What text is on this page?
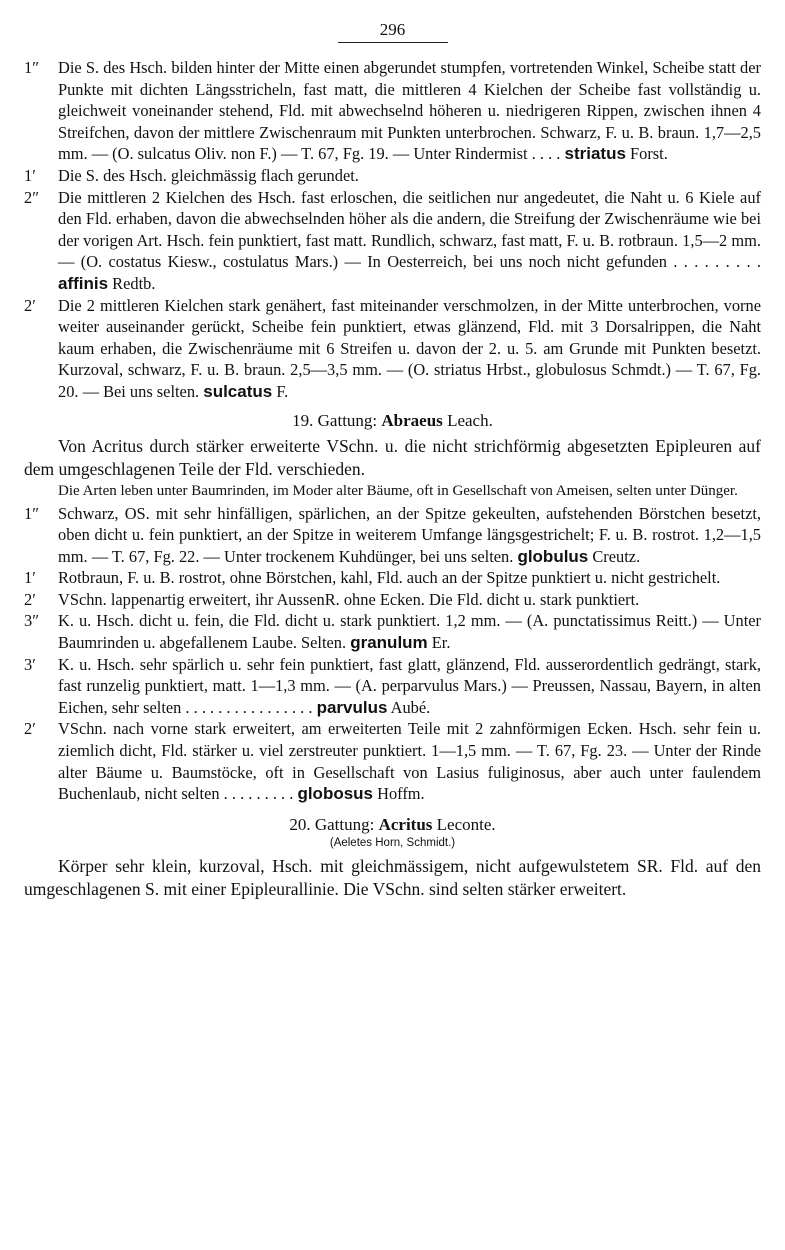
296
1″ Die S. des Hsch. bilden hinter der Mitte einen abgerundet stumpfen, vortretenden Winkel, Scheibe statt der Punkte mit dichten Längsstricheln, fast matt, die mittleren 4 Kielchen der Scheibe fast vollständig u. gleichweit voneinander stehend, Fld. mit abwechselnd höheren u. niedrigeren Rippen, zwischen ihnen 4 Streifchen, davon der mittlere Zwischenraum mit Punkten unterbrochen. Schwarz, F. u. B. braun. 1,7—2,5 mm. — (O. sulcatus Oliv. non F.) — T. 67, Fg. 19. — Unter Rindermist . . . . striatus Forst.
1′ Die S. des Hsch. gleichmässig flach gerundet.
2″ Die mittleren 2 Kielchen des Hsch. fast erloschen, die seitlichen nur angedeutet, die Naht u. 6 Kiele auf den Fld. erhaben, davon die abwechselnden höher als die andern, die Streifung der Zwischenräume wie bei der vorigen Art. Hsch. fein punktiert, fast matt. Rundlich, schwarz, fast matt, F. u. B. rotbraun. 1,5—2 mm. — (O. costatus Kiesw., costulatus Mars.) — In Oesterreich, bei uns noch nicht gefunden . . . . . . . . . affinis Redtb.
2′ Die 2 mittleren Kielchen stark genähert, fast miteinander verschmolzen, in der Mitte unterbrochen, vorne weiter auseinander gerückt, Scheibe fein punktiert, etwas glänzend, Fld. mit 3 Dorsalrippen, die Naht kaum erhaben, die Zwischenräume mit 6 Streifen u. davon der 2. u. 5. am Grunde mit Punkten besetzt. Kurzoval, schwarz, F. u. B. braun. 2,5—3,5 mm. — (O. striatus Hrbst., globulosus Schmdt.) — T. 67, Fg. 20. — Bei uns selten. sulcatus F.
19. Gattung: Abraeus Leach.
Von Acritus durch stärker erweiterte VSchn. u. die nicht strichförmig abgesetzten Epipleuren auf dem umgeschlagenen Teile der Fld. verschieden.
Die Arten leben unter Baumrinden, im Moder alter Bäume, oft in Gesellschaft von Ameisen, selten unter Dünger.
1″ Schwarz, OS. mit sehr hinfälligen, spärlichen, an der Spitze gekeulten, aufstehenden Börstchen besetzt, oben dicht u. fein punktiert, an der Spitze in weiterem Umfange längsgestrichelt; F. u. B. rostrot. 1,2—1,5 mm. — T. 67, Fg. 22. — Unter trockenem Kuhdünger, bei uns selten. globulus Creutz.
1′ Rotbraun, F. u. B. rostrot, ohne Börstchen, kahl, Fld. auch an der Spitze punktiert u. nicht gestrichelt.
2′ VSchn. lappenartig erweitert, ihr AussenR. ohne Ecken. Die Fld. dicht u. stark punktiert.
3″ K. u. Hsch. dicht u. fein, die Fld. dicht u. stark punktiert. 1,2 mm. — (A. punctatissimus Reitt.) — Unter Baumrinden u. abgefallenem Laube. Selten. granulum Er.
3′ K. u. Hsch. sehr spärlich u. sehr fein punktiert, fast glatt, glänzend, Fld. ausserordentlich gedrängt, stark, fast runzelig punktiert, matt. 1—1,3 mm. — (A. perparvulus Mars.) — Preussen, Nassau, Bayern, in alten Eichen, sehr selten . . . . . . . . . . . . . . . . parvulus Aubé.
2′ VSchn. nach vorne stark erweitert, am erweiterten Teile mit 2 zahnförmigen Ecken. Hsch. sehr fein u. ziemlich dicht, Fld. stärker u. viel zerstreuter punktiert. 1—1,5 mm. — T. 67, Fg. 23. — Unter der Rinde alter Bäume u. Baumstöcke, oft in Gesellschaft von Lasius fuliginosus, aber auch unter faulendem Buchenlaub, nicht selten . . . . . . . . . globosus Hoffm.
20. Gattung: Acritus Leconte.
(Aeletes Horn, Schmidt.)
Körper sehr klein, kurzoval, Hsch. mit gleichmässigem, nicht aufgewulstetem SR. Fld. auf den umgeschlagenen S. mit einer Epipleurallinie. Die VSchn. sind selten stärker erweitert.
